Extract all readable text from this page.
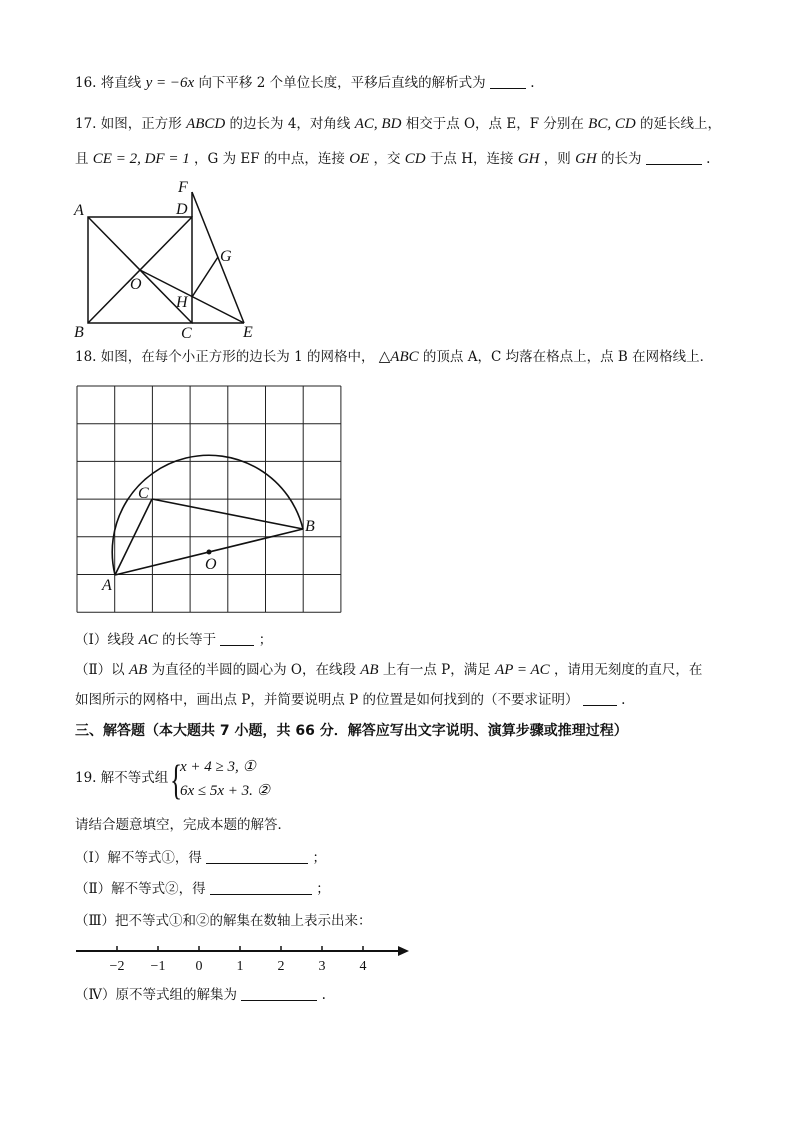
16. 将直线 y = −6x 向下平移 2 个单位长度，平移后直线的解析式为	.
17. 如图，正方形 ABCD 的边长为 4，对角线 AC, BD 相交于点 O，点 E，F 分别在 BC, CD 的延长线上，
且 CE = 2, DF = 1 ，G 为 EF 的中点，连接 OE ，交 CD 于点 H，连接 GH ，则 GH 的长为	.
A
B	C
D
E
F
G
H
O
18. 如图，在每个小正方形的边长为 1 的网格中， △ABC 的顶点 A，C 均落在格点上，点 B 在网格线上．
A
B
C
O
（Ⅰ）线段 AC 的长等于	；
（Ⅱ）以 AB 为直径的半圆的圆心为 O，在线段 AB 上有一点 P，满足 AP = AC ，请用无刻度的直尺，在
如图所示的网格中，画出点 P，并简要说明点 P 的位置是如何找到的（不要求证明）	.
三、解答题（本大题共 7 小题，共 66 分．解答应写出文字说明、演算步骤或推理过程）
19. 解不等式组 {
x + 4 ≥ 3, ①
6x ≤ 5x + 3. ②
请结合题意填空，完成本题的解答．
（Ⅰ）解不等式①，得	；
（Ⅱ）解不等式②，得	；
（Ⅲ）把不等式①和②的解集在数轴上表示出来：
−2 −1 0 1 2 3 4
（Ⅳ）原不等式组的解集为	.
